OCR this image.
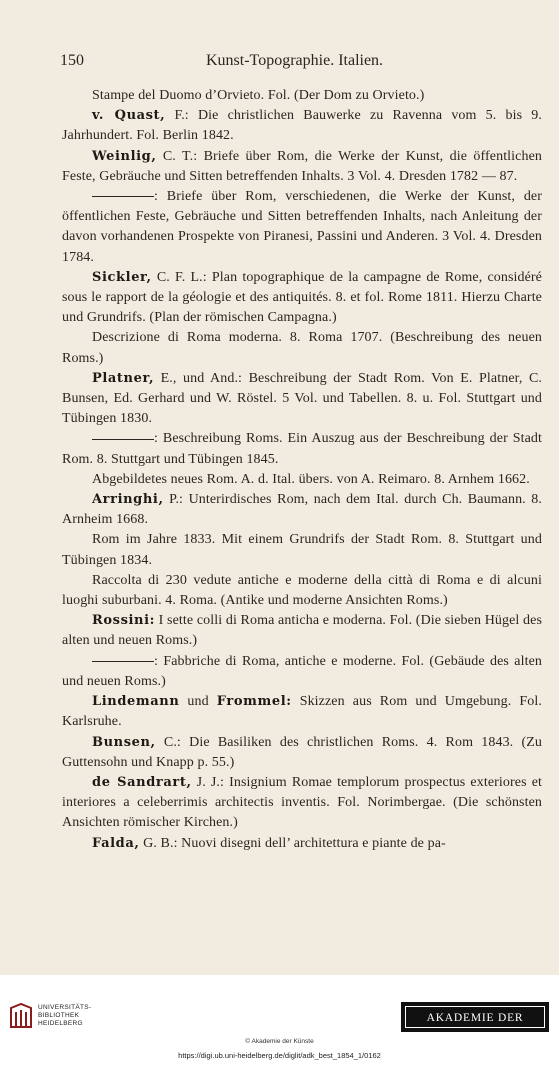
150	Kunst-Topographie. Italien.

Stampe del Duomo d’Orvieto. Fol. (Der Dom zu Orvieto.)

v. Quast, F.: Die christlichen Bauwerke zu Ravenna vom 5. bis 9. Jahrhundert. Fol. Berlin 1842.

Weinlig, C. T.: Briefe über Rom, die Werke der Kunst, die öffentlichen Feste, Gebräuche und Sitten betreffenden Inhalts. 3 Vol. 4. Dresden 1782 — 87.

: Briefe über Rom, verschiedenen, die Werke der Kunst, der öffentlichen Feste, Gebräuche und Sitten betreffenden Inhalts, nach Anleitung der davon vorhandenen Prospekte von Piranesi, Passini und Anderen. 3 Vol. 4. Dresden 1784.

Sickler, C. F. L.: Plan topographique de la campagne de Rome, considéré sous le rapport de la géologie et des antiquités. 8. et fol. Rome 1811. Hierzu Charte und Grundrifs. (Plan der römischen Campagna.)

Descrizione di Roma moderna. 8. Roma 1707. (Beschreibung des neuen Roms.)

Platner, E., und And.: Beschreibung der Stadt Rom. Von E. Platner, C. Bunsen, Ed. Gerhard und W. Röstel. 5 Vol. und Tabellen. 8. u. Fol. Stuttgart und Tübingen 1830.

: Beschreibung Roms. Ein Auszug aus der Beschreibung der Stadt Rom. 8. Stuttgart und Tübingen 1845.

Abgebildetes neues Rom. A. d. Ital. übers. von A. Reimaro. 8. Arnhem 1662.

Arringhi, P.: Unterirdisches Rom, nach dem Ital. durch Ch. Baumann. 8. Arnheim 1668.

Rom im Jahre 1833. Mit einem Grundrifs der Stadt Rom. 8. Stuttgart und Tübingen 1834.

Raccolta di 230 vedute antiche e moderne della città di Roma e di alcuni luoghi suburbani. 4. Roma. (Antike und moderne Ansichten Roms.)

Rossini: I sette colli di Roma anticha e moderna. Fol. (Die sieben Hügel des alten und neuen Roms.)

: Fabbriche di Roma, antiche e moderne. Fol. (Gebäude des alten und neuen Roms.)

Lindemann und Frommel: Skizzen aus Rom und Umgebung. Fol. Karlsruhe.

Bunsen, C.: Die Basiliken des christlichen Roms. 4. Rom 1843. (Zu Guttensohn und Knapp p. 55.)

de Sandrart, J. J.: Insignium Romae templorum prospectus exteriores et interiores a celeberrimis architectis inventis. Fol. Norimbergae. (Die schönsten Ansichten römischer Kirchen.)

Falda, G. B.: Nuovi disegni dell’ architettura e piante de pa-

UNIVERSITÄTS-
BIBLIOTHEK
HEIDELBERG	AKADEMIE DER KÜNSTE
© Akademie der Künste
https://digi.ub.uni-heidelberg.de/diglit/adk_best_1854_1/0162
